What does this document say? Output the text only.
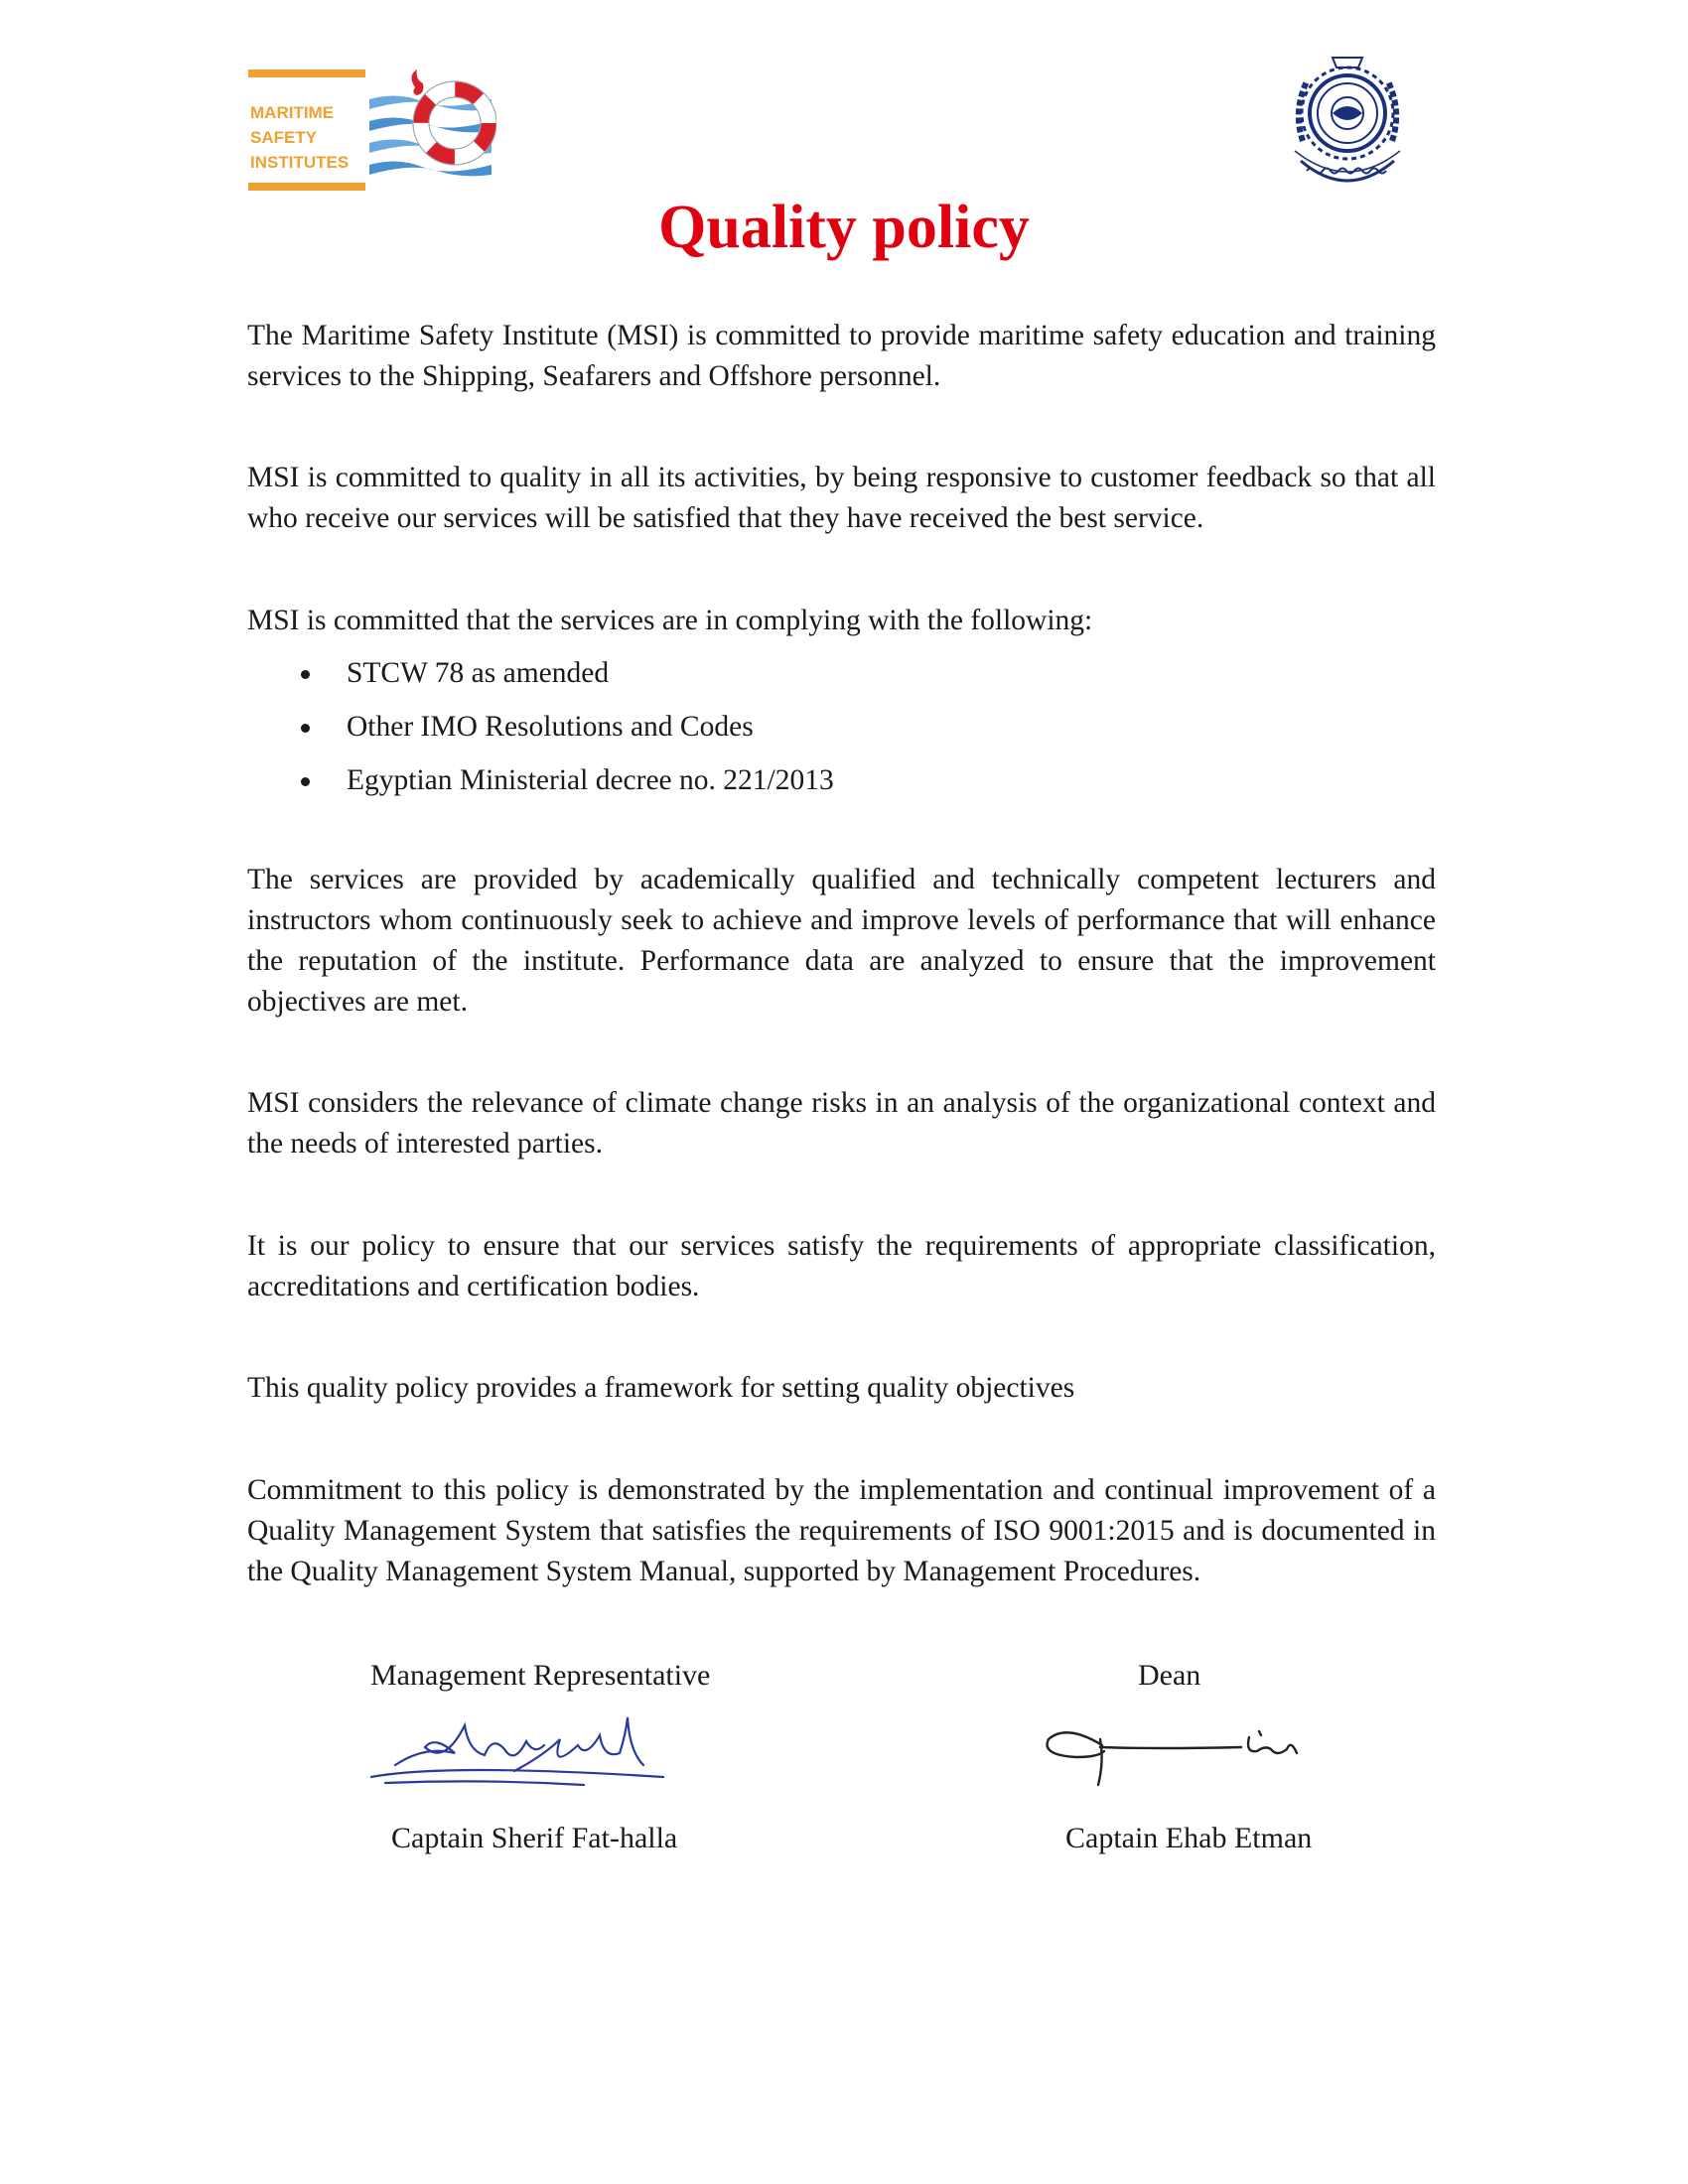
MARITIME
SAFETY
INSTITUTES
Quality policy

The Maritime Safety Institute (MSI) is committed to provide maritime safety education and training services to the Shipping, Seafarers and Offshore personnel.

MSI is committed to quality in all its activities, by being responsive to customer feedback so that all who receive our services will be satisfied that they have received the best service.

MSI is committed that the services are in complying with the following:

STCW 78 as amended
Other IMO Resolutions and Codes
Egyptian Ministerial decree no. 221/2013

The services are provided by academically qualified and technically competent lecturers and instructors whom continuously seek to achieve and improve levels of performance that will enhance the reputation of the institute. Performance data are analyzed to ensure that the improvement objectives are met.

MSI considers the relevance of climate change risks in an analysis of the organizational context and the needs of interested parties.

It is our policy to ensure that our services satisfy the requirements of appropriate classification, accreditations and certification bodies.

This quality policy provides a framework for setting quality objectives

Commitment to this policy is demonstrated by the implementation and continual improvement of a Quality Management System that satisfies the requirements of ISO 9001:2015 and is documented in the Quality Management System Manual, supported by Management Procedures.

Management Representative
Captain Sherif Fat-halla
Dean
Captain Ehab Etman
